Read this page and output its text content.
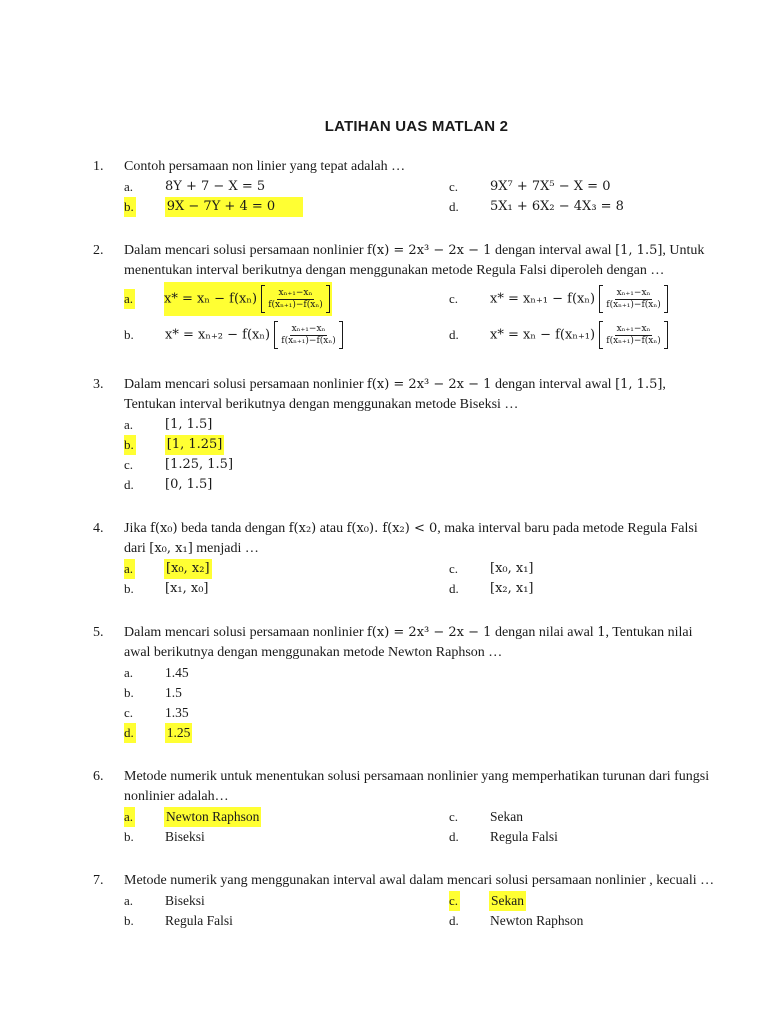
LATIHAN UAS MATLAN 2
1. Contoh persamaan non linier yang tepat adalah …
a.	8Y + 7 − X = 5	c.	9X⁷ + 7X⁵ − X = 0
b.	9X − 7Y + 4 = 0	d.	5X₁ + 6X₂ − 4X₃ = 8
2. Dalam mencari solusi persamaan nonlinier f(x) = 2x³ − 2x − 1 dengan interval awal [1, 1.5], Untuk menentukan interval berikutnya dengan menggunakan metode Regula Falsi diperoleh dengan …
a. $x* = x_n - f(x_n) \frac{\text{xₙ₊₁−xₙ}}{\text{f(xₙ₊₁)−f(xₙ)}}$	c.	$x* = x_{n+1} - f(x_n) \frac{\text{xₙ₊₁−xₙ}}{\text{f(xₙ₊₁)−f(xₙ)}}$
b.	$x* = x_{n+2} - f(x_n) \frac{\text{xₙ₊₁−xₙ}}{\text{f(xₙ₊₁)−f(xₙ)}}$	d.	$x* = x_n - f(x_{n+1}) \frac{\text{xₙ₊₁−xₙ}}{\text{f(xₙ₊₁)−f(xₙ)}}$
3. Dalam mencari solusi persamaan nonlinier f(x) = 2x³ − 2x − 1 dengan interval awal [1, 1.5], Tentukan interval berikutnya dengan menggunakan metode Biseksi …
a.	[1, 1.5]
b.	[1, 1.25]
c.	[1.25, 1.5]
d.	[0, 1.5]
4. Jika f(x₀) beda tanda dengan f(x₂) atau f(x₀). f(x₂) < 0, maka interval baru pada metode Regula Falsi dari [x₀, x₁] menjadi …
a.	[x₀, x₂]	c.	[x₀, x₁]
b.	[x₁, x₀]	d.	[x₂, x₁]
5. Dalam mencari solusi persamaan nonlinier f(x) = 2x³ − 2x − 1 dengan nilai awal 1, Tentukan nilai awal berikutnya dengan menggunakan metode Newton Raphson …
a.	1.45
b.	1.5
c.	1.35
d. 1.25
6. Metode numerik untuk menentukan solusi persamaan nonlinier yang memperhatikan turunan dari fungsi nonlinier adalah…
a. Newton Raphson	c.	Sekan
b.	Biseksi	d.	Regula Falsi
7. Metode numerik yang menggunakan interval awal dalam mencari solusi persamaan nonlinier , kecuali …
a.	Biseksi	c. Sekan
b.	Regula Falsi	d.	Newton Raphson
